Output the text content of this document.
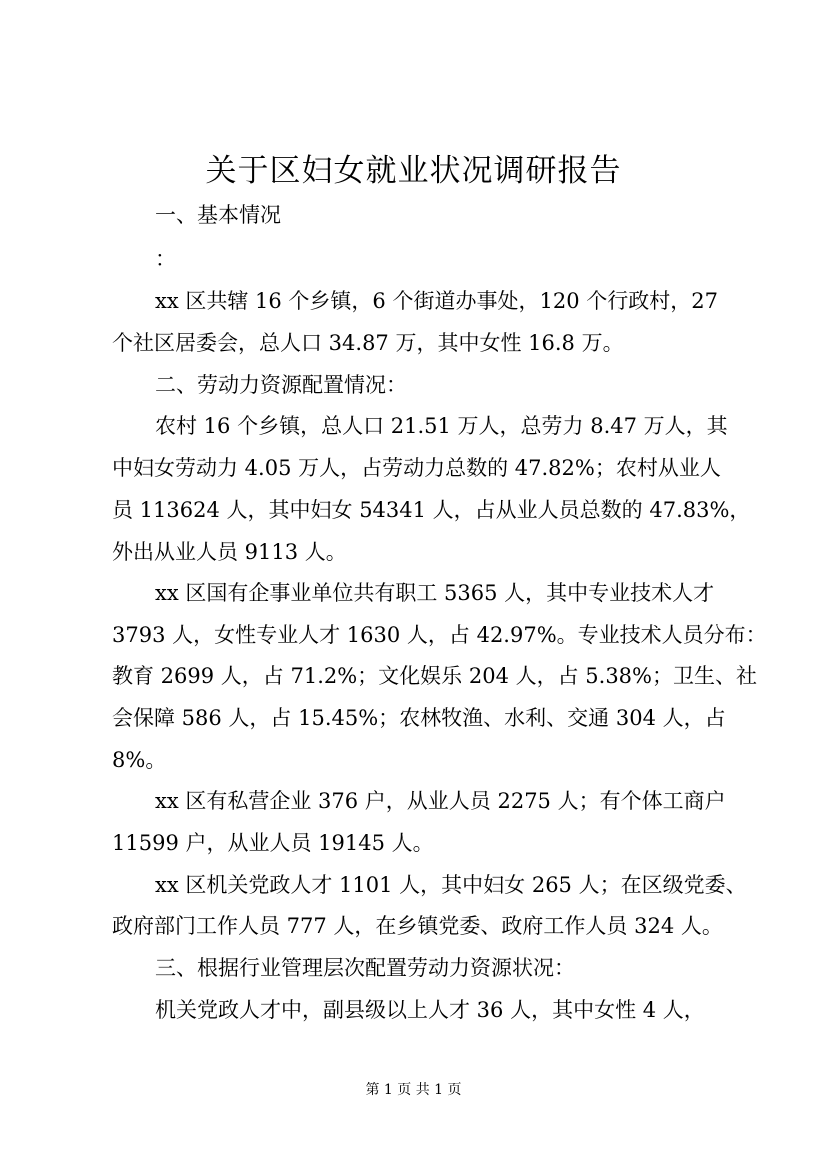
关于区妇女就业状况调研报告
一、基本情况
：
xx 区共辖 16 个乡镇，6 个街道办事处，120 个行政村，27
个社区居委会，总人口 34.87 万，其中女性 16.8 万。
二、劳动力资源配置情况：
农村 16 个乡镇，总人口 21.51 万人，总劳力 8.47 万人，其
中妇女劳动力 4.05 万人，占劳动力总数的 47.82%；农村从业人
员 113624 人，其中妇女 54341 人，占从业人员总数的 47.83%，
外出从业人员 9113 人。
xx 区国有企事业单位共有职工 5365 人，其中专业技术人才
3793 人，女性专业人才 1630 人，占 42.97%。专业技术人员分布：
教育 2699 人，占 71.2%；文化娱乐 204 人，占 5.38%；卫生、社
会保障 586 人，占 15.45%；农林牧渔、水利、交通 304 人，占
8%。
xx 区有私营企业 376 户，从业人员 2275 人；有个体工商户
11599 户，从业人员 19145 人。
xx 区机关党政人才 1101 人，其中妇女 265 人；在区级党委、
政府部门工作人员 777 人，在乡镇党委、政府工作人员 324 人。
三、根据行业管理层次配置劳动力资源状况：
机关党政人才中，副县级以上人才 36 人，其中女性 4 人，
第 1 页 共 1 页
